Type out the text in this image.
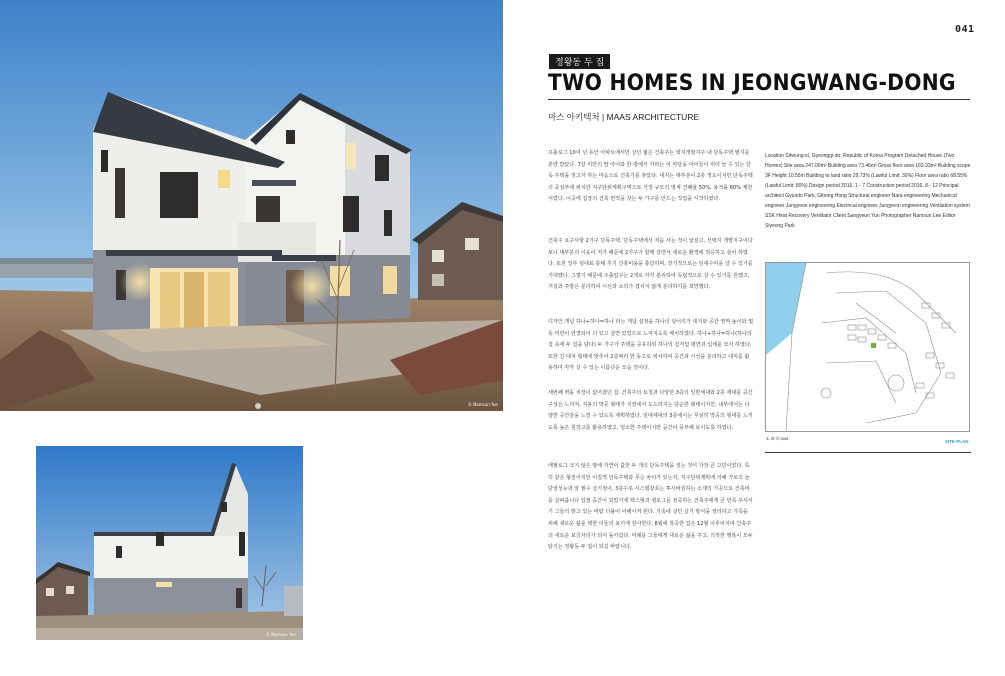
© Namsun Yun
© Namsun Yun
041
정왕동 두 집
TWO HOMES IN JEONGWANG-DONG
마스 아키텍처 | MAAS ARCHITECTURE
프롤로그 10여 년 동안 아파트에서만 살던 젊은 건축주는 택지개발지구 내 단독주택 필지를 분양 받았다. 7살 미만의 딸 아이와 한 방에서 자라는 이 마당을 아이들이 뛰어 놀 수 있는 단독 주택을 짓고자 하는 마음으로 건축가를 찾았다. 대지는 대부분이 2층 정도이지만 단독주택의 중심부에 위치한 지구단위계획구역으로 가정 규모의 명세 건폐율 50%, 용적률 80% 제한이었다. 이곳에 집장의 건축 면적을 갖는 두 가구를 만드는 작업을 시작하였다.
건축주 요구사항 2가구 단독주택. 단독주택에서 처음 사는 것이 낯설고, 선택지 개발지구이다 보니 대부분의 이웃이 처가 때문에 2가구가 함께 살면서 새로운 환경에 적응하고 싶어 하였다. 또한 일부 임대료 통해 후기 건축비용을 충당하며, 장기적으로는 임대수익을 낼 수 있기를 기대했다. 그렇기 때문에 주출입구는 2개로 각각 분리하여 독립적으로 살 수 있기를 원했고, 거실과 주방은 분리하여 시선과 소리가 겹치지 않게 분리하기를 희망했다.
디자인 개념 하나+하나=하나 라는 개념 설정을 하나의 덩어리가 대지와 공간 영역 높이와 몇 동 미만이 연결되어 더 있고 살면 있었으로 느껴지도록 배치하였다. 하나+하나=하나(하나의 집 속에 두 집을 담다) 두 가구가 주택을 공유하되 하나의 집처럼 평면과 입체를 묘사 하였다. 또한 긴 대지 형태에 맞추어 2층짜리 한 동으로 위치하여 공간과 시선을 분리하고 대지를 활용하여 각각 살 수 있는 이름다운 모습 것이다.
세번째 벽돌 치장이 없어졌던 집. 건축주의 요청과 다양한 3층의 일반세대와 2층 세대를 공간구성은 느껴져, 지붕의 박공 형태가 지면에서 도드라지는 단순한 형태이지만, 내부에서는 다양한 공간감을 느낄 수 있도록 계획하였다. 임대세대의 3층에서는 무심히 박공의 형태를 느끼도록 높은 천장고를 활용하였고, 임소한 주택이지만 공간이 풍부해 보이도록 하였다.
에필로그 크지 않은 땅에 자연이 값한 두 개의 단독주택을 짓는 것이 가장 큰 고민이었다. 특히 같은 형질이지만 이질적 단독주택과 무슨 차이가 있는지, 지구단위계획에 의해 가로의 늘 단열성능과 알 필수 살기점이, 3층수로 시스템창호는 투시바원하는 소재의 가공으로 건축비를 살펴줍니다 입점 공간이 되었기에 택스형과 셀로그를 검증하는 건축주에게 큰 만족 주셔서기 그들의 밝고 있는 바람 더불어 이해시켜 된다. 가족에 살던 살기 방식을 정리하고 가족을 위해 새로운 삶을 택한 이들의 용기에 감사한다. 8월에 착공한 집은 12월 이루어지며 건축주의 새로운 보금자리가 되어 돌아갔다. 미래를 그들에게 새로운 삶을 주고, 의젓한 행복이 모두 담기는 정왕동 두 집이 되길 바랍니다.
Location Siheung-si, Gyeonggi-do, Republic of Korea Program Detached House (Two Homes) Site area 247.00m² Building area 73.46m² Gross floor area 169.33m² Building scope 3F Height 10.55m Building to land ratio 29.73% (Lawful Limit: 30%) Floor area ratio 68.55% (Lawful Limit: 80%) Design period 2016. 1 - 7 Construction period 2016. 8 - 12 Principal architect Gyundo Park, Gibong Hong Structural engineer Nara engineering Mechanical engineer Jungyeon engineering Electrical engineer Jungyeon engineering Ventilation system SSK Heat Recovery Ventilator Client Sangyeun Yun Photographer Namsun Lee Editor Siyeong Park
① ⑩ ㉚ 50M
SITE PLAN
